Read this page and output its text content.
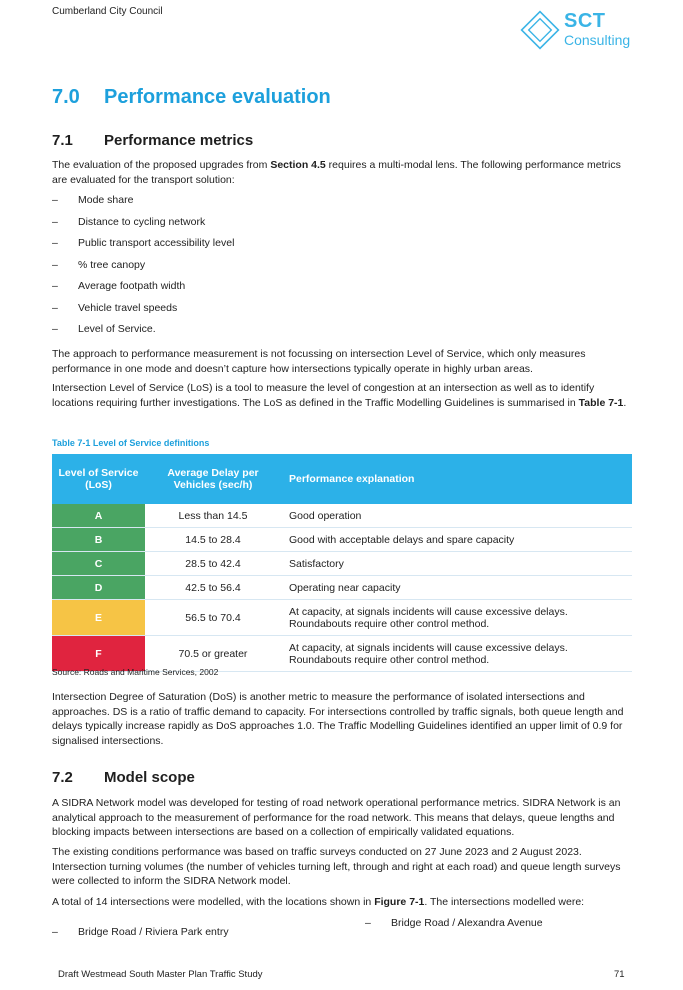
Cumberland City Council	SCT
Consulting
7.0 Performance evaluation
7.1 Performance metrics

The evaluation of the proposed upgrades from Section 4.5 requires a multi-modal lens. The following performance metrics are evaluated for the transport solution:

– Mode share
– Distance to cycling network
– Public transport accessibility level
– % tree canopy
– Average footpath width
– Vehicle travel speeds
– Level of Service.

The approach to performance measurement is not focussing on intersection Level of Service, which only measures performance in one mode and doesn’t capture how intersections typically operate in highly urban areas.

Intersection Level of Service (LoS) is a tool to measure the level of congestion at an intersection as well as to identify locations requiring further investigations. The LoS as defined in the Traffic Modelling Guidelines is summarised in Table 7-1.

Table 7-1 Level of Service definitions
Level of Service (LoS)	Average Delay per Vehicles (sec/h)	Performance explanation
A	Less than 14.5	Good operation
B	14.5 to 28.4	Good with acceptable delays and spare capacity
C	28.5 to 42.4	Satisfactory
D	42.5 to 56.4	Operating near capacity
E	56.5 to 70.4	At capacity, at signals incidents will cause excessive delays. Roundabouts require other control method.
F	70.5 or greater	At capacity, at signals incidents will cause excessive delays. Roundabouts require other control method.
Source: Roads and Maritime Services, 2002

Intersection Degree of Saturation (DoS) is another metric to measure the performance of isolated intersections and approaches. DS is a ratio of traffic demand to capacity. For intersections controlled by traffic signals, both queue length and delays typically increase rapidly as DoS approaches 1.0. The Traffic Modelling Guidelines identified an upper limit of 0.9 for signalised intersections.

7.2 Model scope

A SIDRA Network model was developed for testing of road network operational performance metrics. SIDRA Network is an analytical approach to the measurement of performance for the road network. This means that delays, queue lengths and blocking impacts between intersections are based on a collection of empirically validated equations.

The existing conditions performance was based on traffic surveys conducted on 27 June 2023 and 2 August 2023. Intersection turning volumes (the number of vehicles turning left, through and right at each road) and queue length surveys were collected to inform the SIDRA Network model.

A total of 14 intersections were modelled, with the locations shown in Figure 7-1. The intersections modelled were:

– Bridge Road / Riviera Park entry
– Bridge Road / Alexandra Avenue
Draft Westmead South Master Plan Traffic Study	71
